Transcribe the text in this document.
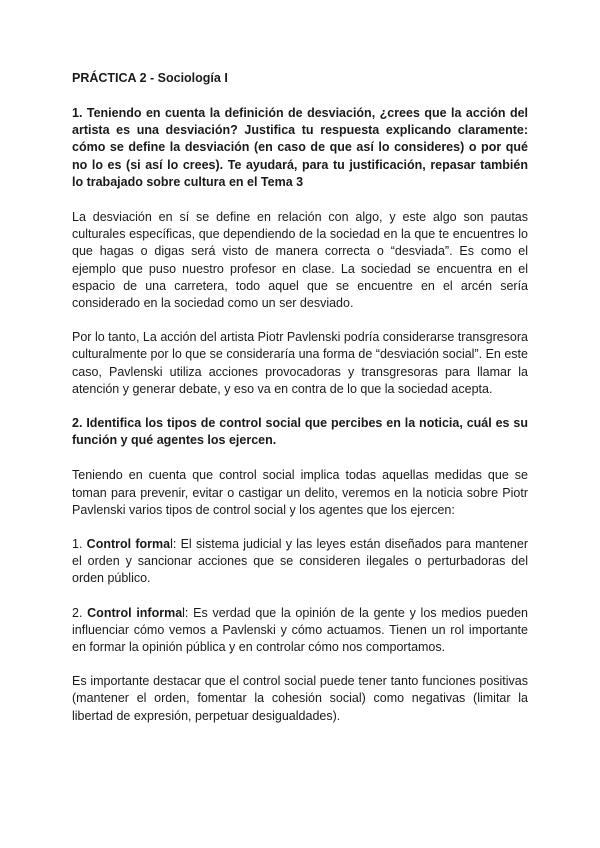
PRÁCTICA 2 - Sociología I
1. Teniendo en cuenta la definición de desviación, ¿crees que la acción del artista es una desviación? Justifica tu respuesta explicando claramente: cómo se define la desviación (en caso de que así lo consideres) o por qué no lo es (si así lo crees). Te ayudará, para tu justificación, repasar también lo trabajado sobre cultura en el Tema 3
La desviación en sí se define en relación con algo, y este algo son pautas culturales específicas, que dependiendo de la sociedad en la que te encuentres lo que hagas o digas será visto de manera correcta o “desviada”. Es como el ejemplo que puso nuestro profesor en clase. La sociedad se encuentra en el espacio de una carretera, todo aquel que se encuentre en el arcén sería considerado en la sociedad como un ser desviado.
Por lo tanto, La acción del artista Piotr Pavlenski podría considerarse transgresora culturalmente por lo que se consideraría una forma de “desviación social”. En este caso, Pavlenski utiliza acciones provocadoras y transgresoras para llamar la atención y generar debate, y eso va en contra de lo que la sociedad acepta.
2. Identifica los tipos de control social que percibes en la noticia, cuál es su función y qué agentes los ejercen.
Teniendo en cuenta que control social implica todas aquellas medidas que se toman para prevenir, evitar o castigar un delito, veremos en la noticia sobre Piotr Pavlenski varios tipos de control social y los agentes que los ejercen:
1. Control formal: El sistema judicial y las leyes están diseñados para mantener el orden y sancionar acciones que se consideren ilegales o perturbadoras del orden público.
2. Control informal: Es verdad que la opinión de la gente y los medios pueden influenciar cómo vemos a Pavlenski y cómo actuamos. Tienen un rol importante en formar la opinión pública y en controlar cómo nos comportamos.
Es importante destacar que el control social puede tener tanto funciones positivas (mantener el orden, fomentar la cohesión social) como negativas (limitar la libertad de expresión, perpetuar desigualdades).
